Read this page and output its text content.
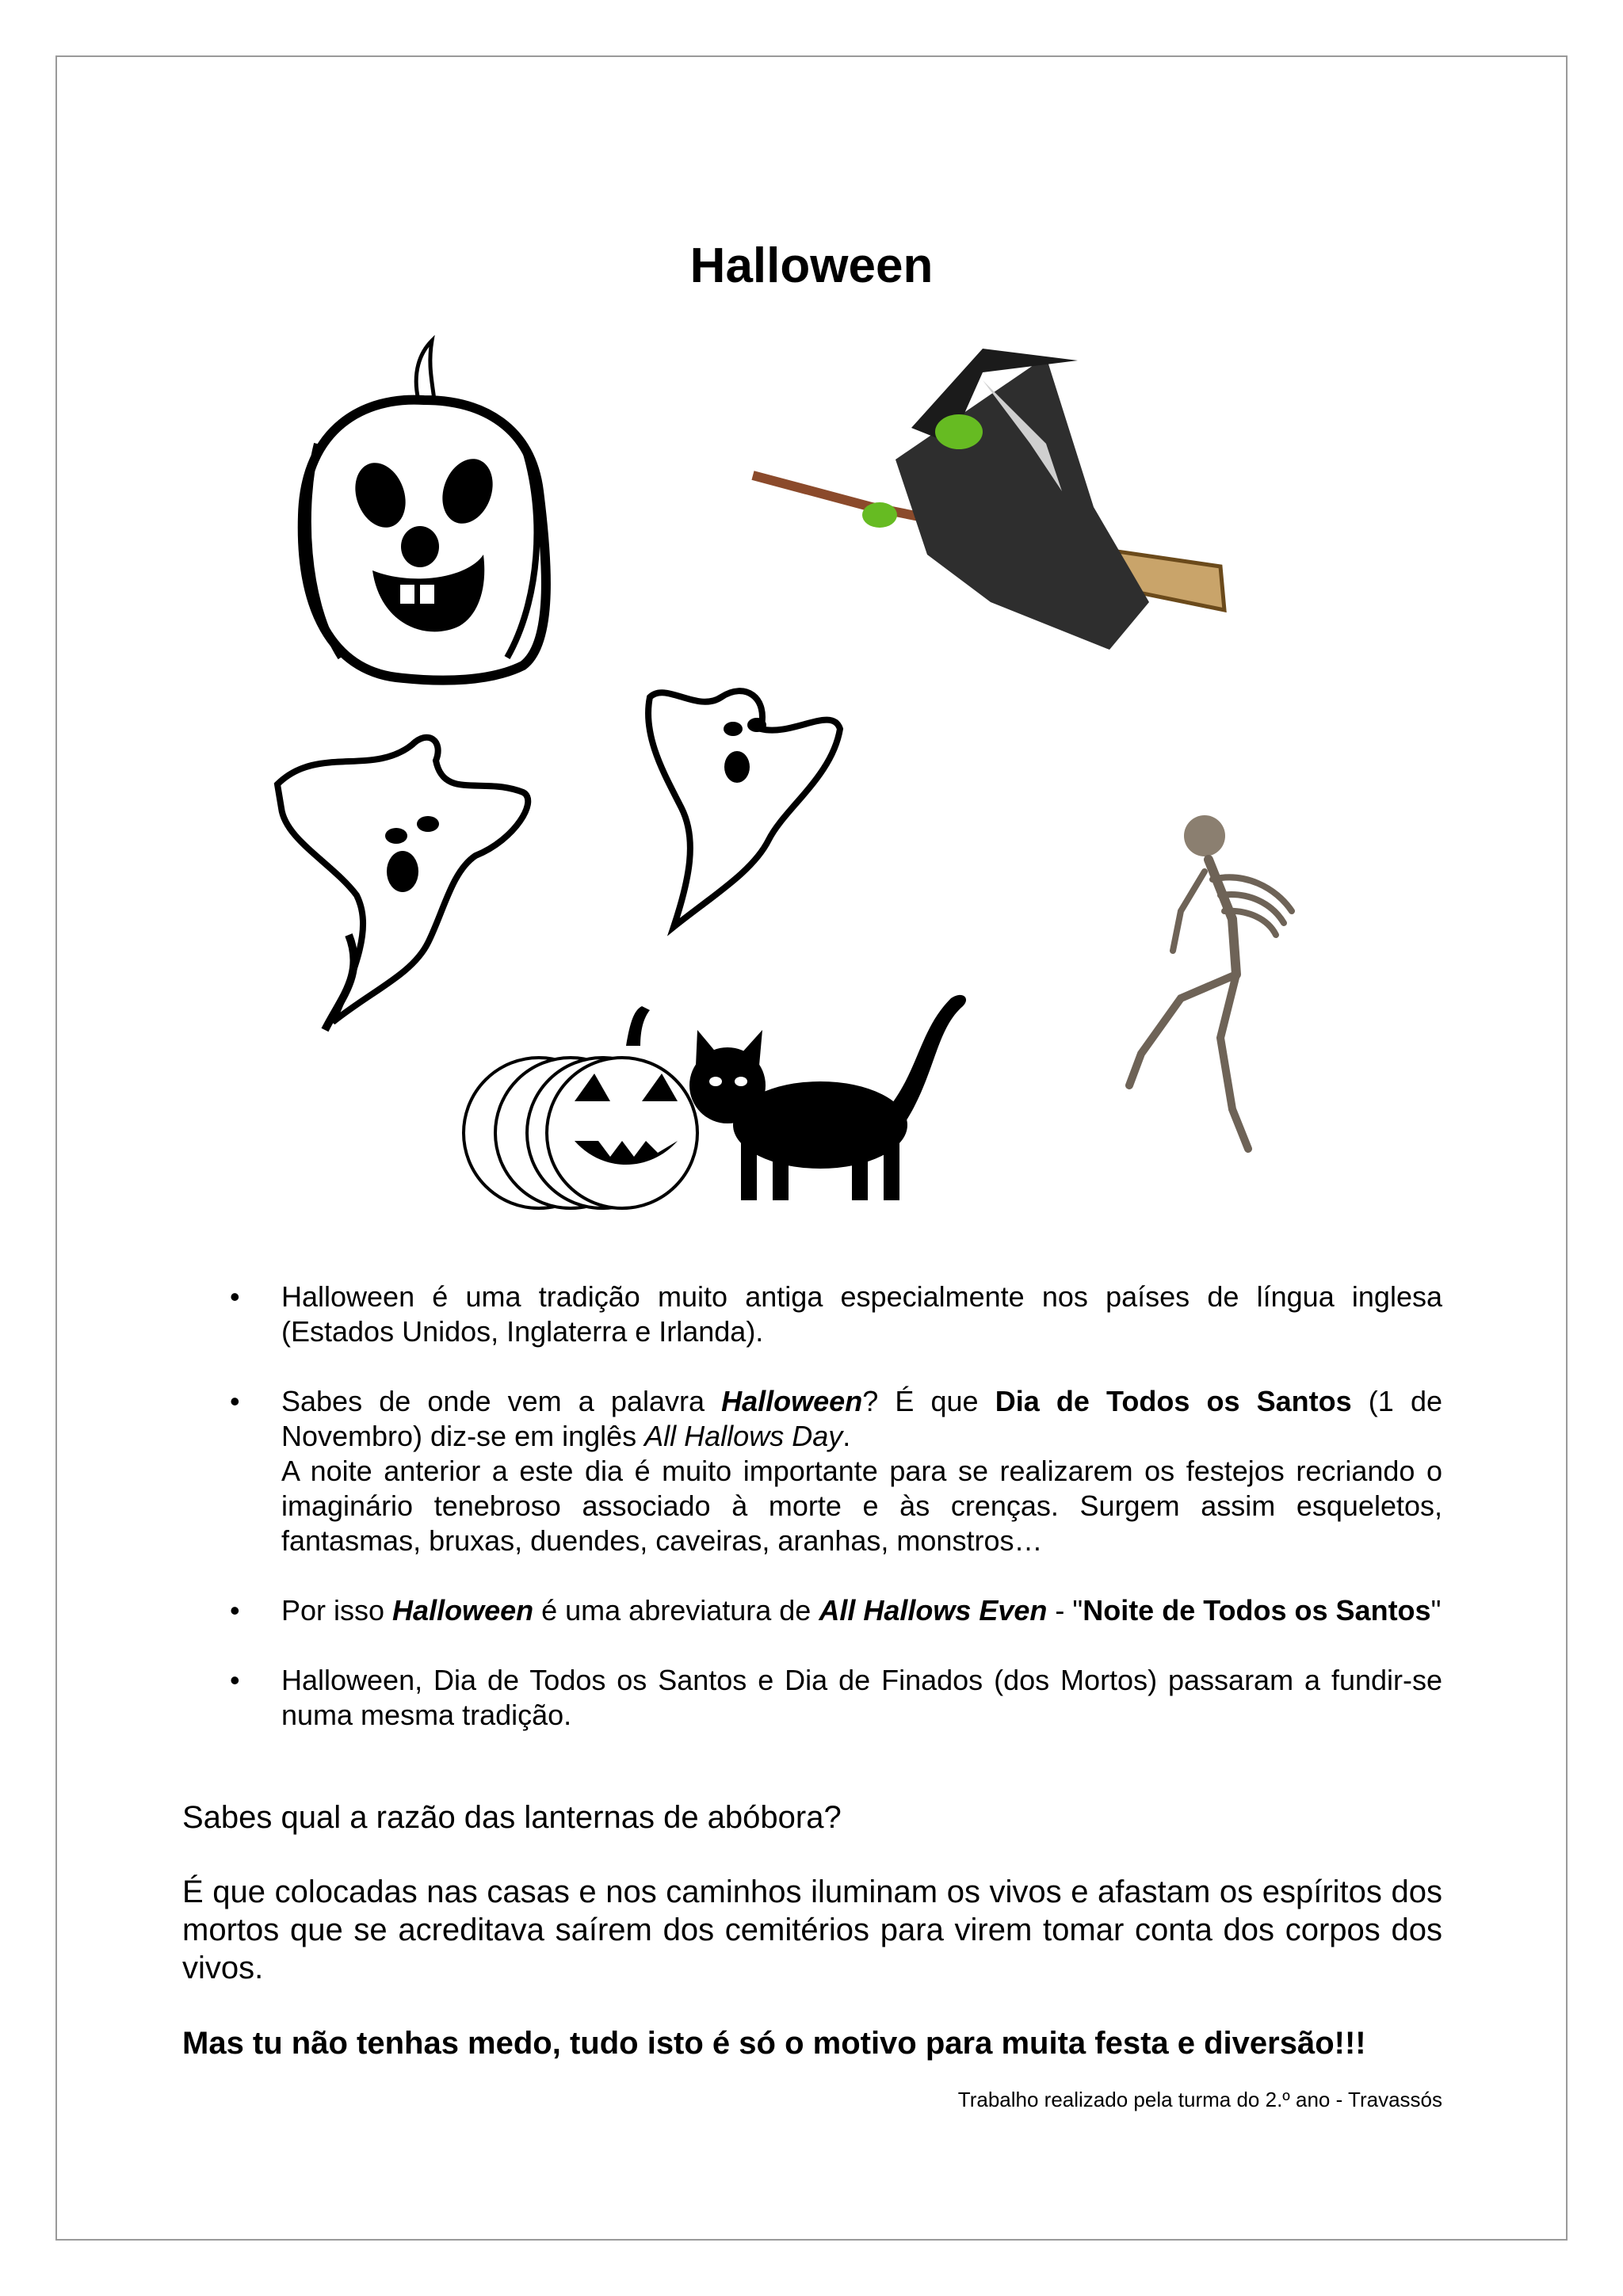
Halloween
• Halloween é uma tradição muito antiga especialmente nos países de língua inglesa (Estados Unidos, Inglaterra e Irlanda).
• Sabes de onde vem a palavra Halloween? É que Dia de Todos os Santos (1 de Novembro) diz-se em inglês All Hallows Day.
A noite anterior a este dia é muito importante para se realizarem os festejos recriando o imaginário tenebroso associado à morte e às crenças. Surgem assim esqueletos, fantasmas, bruxas, duendes, caveiras, aranhas, monstros…
• Por isso Halloween é uma abreviatura de All Hallows Even - "Noite de Todos os Santos"
• Halloween, Dia de Todos os Santos e Dia de Finados (dos Mortos) passaram a fundir-se numa mesma tradição.
Sabes qual a razão das lanternas de abóbora?
É que colocadas nas casas e nos caminhos iluminam os vivos e afastam os espíritos dos mortos que se acreditava saírem dos cemitérios para virem tomar conta dos corpos dos vivos.
Mas tu não tenhas medo, tudo isto é só o motivo para muita festa e diversão!!!
Trabalho realizado pela turma do 2.º ano - Travassós
